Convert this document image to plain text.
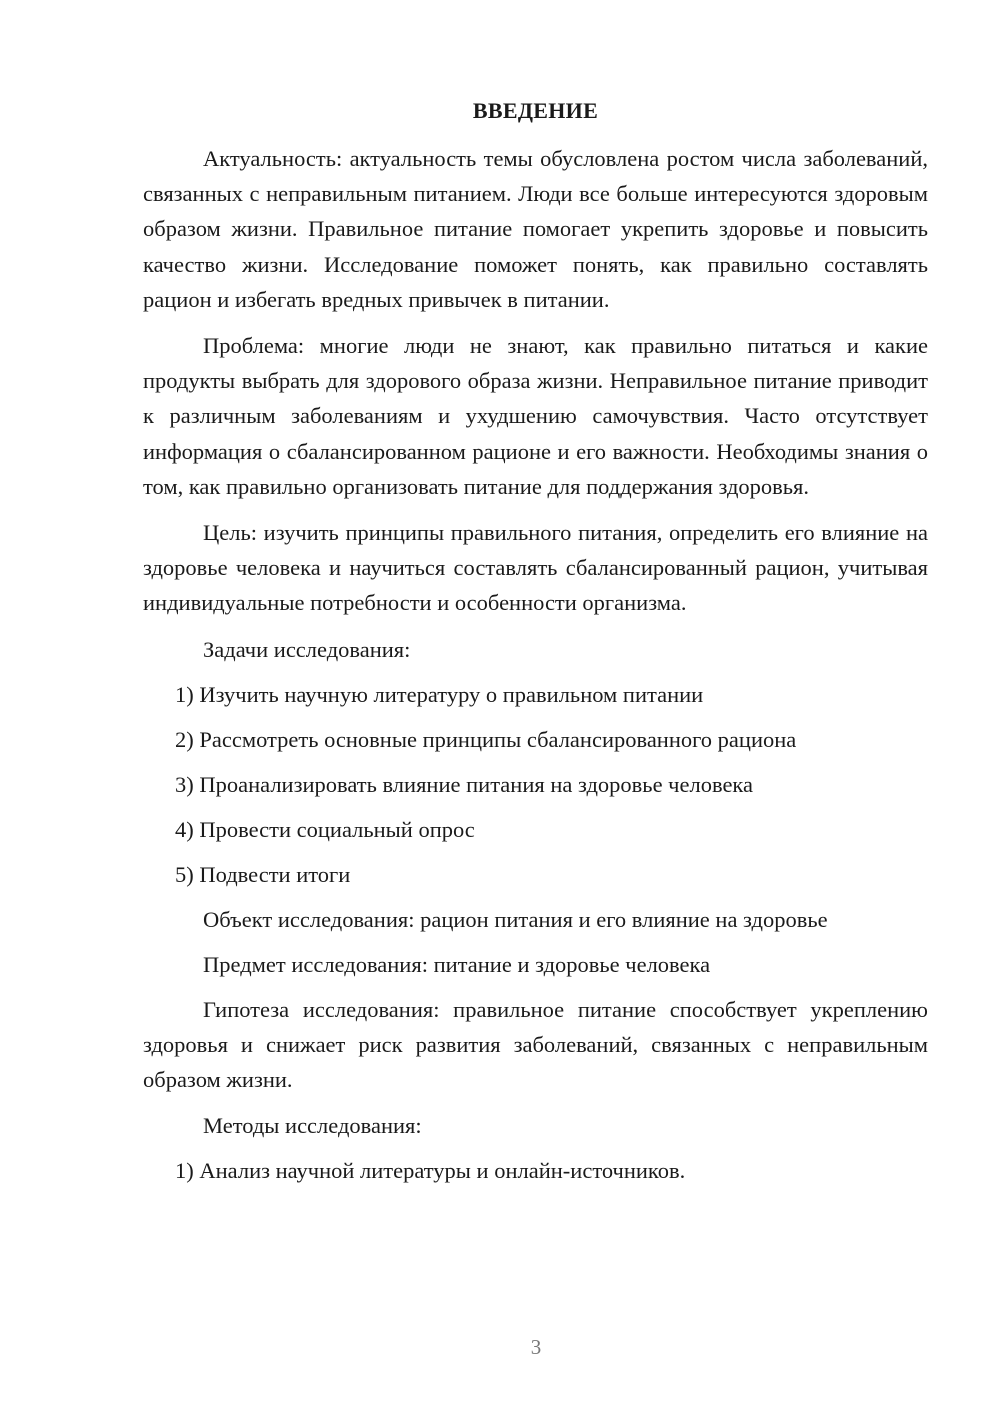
ВВЕДЕНИЕ

Актуальность: актуальность темы обусловлена ростом числа заболеваний, связанных с неправильным питанием. Люди все больше интересуются здоровым образом жизни. Правильное питание помогает укрепить здоровье и повысить качество жизни. Исследование поможет понять, как правильно составлять рацион и избегать вредных привычек в питании.

Проблема: многие люди не знают, как правильно питаться и какие продукты выбрать для здорового образа жизни. Неправильное питание приводит к различным заболеваниям и ухудшению самочувствия. Часто отсутствует информация о сбалансированном рационе и его важности. Необходимы знания о том, как правильно организовать питание для поддержания здоровья.

Цель: изучить принципы правильного питания, определить его влияние на здоровье человека и научиться составлять сбалансированный рацион, учитывая индивидуальные потребности и особенности организма.

Задачи исследования:
1) Изучить научную литературу о правильном питании
2) Рассмотреть основные принципы сбалансированного рациона
3) Проанализировать влияние питания на здоровье человека
4) Провести социальный опрос
5) Подвести итоги
Объект исследования: рацион питания и его влияние на здоровье
Предмет исследования: питание и здоровье человека

Гипотеза исследования: правильное питание способствует укреплению здоровья и снижает риск развития заболеваний, связанных с неправильным образом жизни.

Методы исследования:
1) Анализ научной литературы и онлайн-источников.
3
